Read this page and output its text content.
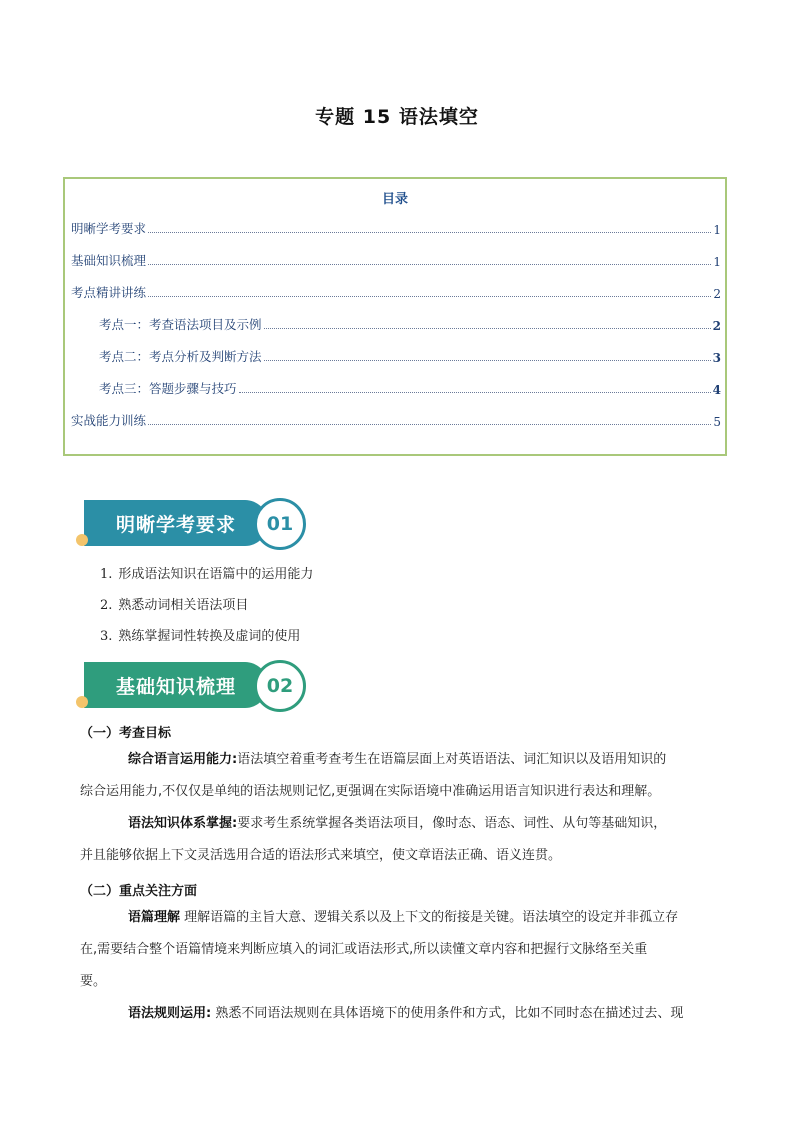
专题 15 语法填空
目录
明晰学考要求	1
基础知识梳理	1
考点精讲讲练	2
考点一：考查语法项目及示例	2
考点二：考点分析及判断方法	3
考点三：答题步骤与技巧	4
实战能力训练	5
明晰学考要求	01
1. 形成语法知识在语篇中的运用能力
2. 熟悉动词相关语法项目
3. 熟练掌握词性转换及虚词的使用
基础知识梳理	02
（一）考查目标
综合语言运用能力:语法填空着重考查考生在语篇层面上对英语语法、词汇知识以及语用知识的
综合运用能力,不仅仅是单纯的语法规则记忆,更强调在实际语境中准确运用语言知识进行表达和理解。
语法知识体系掌握:要求考生系统掌握各类语法项目，像时态、语态、词性、从句等基础知识，
并且能够依据上下文灵活选用合适的语法形式来填空，使文章语法正确、语义连贯。
（二）重点关注方面
语篇理解 理解语篇的主旨大意、逻辑关系以及上下文的衔接是关键。语法填空的设定并非孤立存
在,需要结合整个语篇情境来判断应填入的词汇或语法形式,所以读懂文章内容和把握行文脉络至关重
要。
语法规则运用: 熟悉不同语法规则在具体语境下的使用条件和方式，比如不同时态在描述过去、现
